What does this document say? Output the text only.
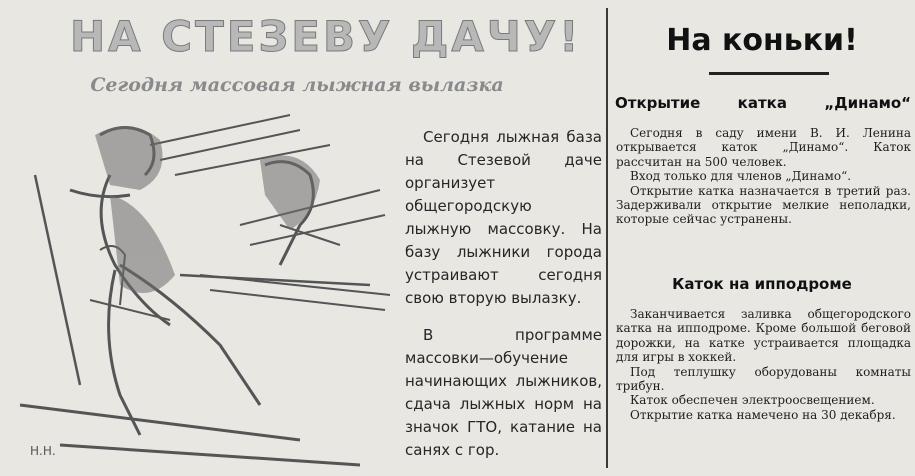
НА СТЕЗЕВУ ДАЧУ!
Сегодня массовая лыжная вылазка
Н.Н.

Сегодня лыжная база на Стезевой даче организует общегородскую лыжную массовку. На базу лыжники города устраивают сегодня свою вторую вылазку.

В программе массовки—обучение начинающих лыжников, сдача лыжных норм на значок ГТО, катание на санях с гор.

На коньки!
Открытие катка „Динамо“

Сегодня в саду имени В. И. Ленина открывается каток „Динамо“. Каток рассчитан на 500 человек.

Вход только для членов „Динамо“.

Открытие катка назначается в третий раз. Задерживали открытие мелкие неполадки, которые сейчас устранены.

Каток на ипподроме

Заканчивается заливка общегородского катка на ипподроме. Кроме большой беговой дорожки, на катке устраивается площадка для игры в хоккей.

Под теплушку оборудованы комнаты трибун.

Каток обеспечен электроосвещением.

Открытие катка намечено на 30 декабря.
